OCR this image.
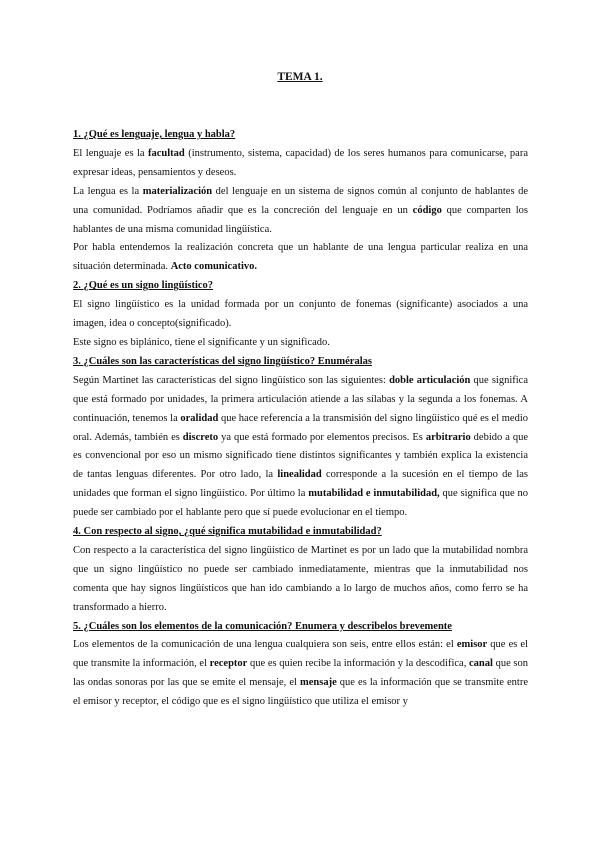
TEMA 1.
1. ¿Qué es lenguaje, lengua y habla?

El lenguaje es la facultad (instrumento, sistema, capacidad) de los seres humanos para comunicarse, para expresar ideas, pensamientos y deseos.

La lengua es la materialización del lenguaje en un sistema de signos común al conjunto de hablantes de una comunidad. Podríamos añadir que es la concreción del lenguaje en un código que comparten los hablantes de una misma comunidad lingüística.

Por habla entendemos la realización concreta que un hablante de una lengua particular realiza en una situación determinada. Acto comunicativo.

2. ¿Qué es un signo lingüístico?

El signo lingüístico es la unidad formada por un conjunto de fonemas (significante) asociados a una imagen, idea o concepto(significado).

Este signo es biplánico, tiene el significante y un significado.

3. ¿Cuáles son las características del signo lingüístico? Enuméralas

Según Martinet las características del signo lingüístico son las siguientes: doble articulación que significa que está formado por unidades, la primera articulación atiende a las sílabas y la segunda a los fonemas. A continuación, tenemos la oralidad que hace referencia a la transmisión del signo lingüístico qué es el medio oral. Además, también es discreto ya que está formado por elementos precisos. Es arbitrario debido a que es convencional por eso un mismo significado tiene distintos significantes y también explica la existencia de tantas lenguas diferentes. Por otro lado, la linealidad corresponde a la sucesión en el tiempo de las unidades que forman el signo lingüístico. Por último la mutabilidad e inmutabilidad, que significa que no puede ser cambiado por el hablante pero que sí puede evolucionar en el tiempo.

4. Con respecto al signo, ¿qué significa mutabilidad e inmutabilidad?

Con respecto a la característica del signo lingüístico de Martinet es por un lado que la mutabilidad nombra que un signo lingüístico no puede ser cambiado inmediatamente, mientras que la inmutabilidad nos comenta que hay signos lingüísticos que han ido cambiando a lo largo de muchos años, como ferro se ha transformado a hierro.

5. ¿Cuáles son los elementos de la comunicación? Enumera y describelos brevemente

Los elementos de la comunicación de una lengua cualquiera son seis, entre ellos están: el emisor que es el que transmite la información, el receptor que es quien recibe la información y la descodifica, canal que son las ondas sonoras por las que se emite el mensaje, el mensaje que es la información que se transmite entre el emisor y receptor, el código que es el signo lingüístico que utiliza el emisor y
